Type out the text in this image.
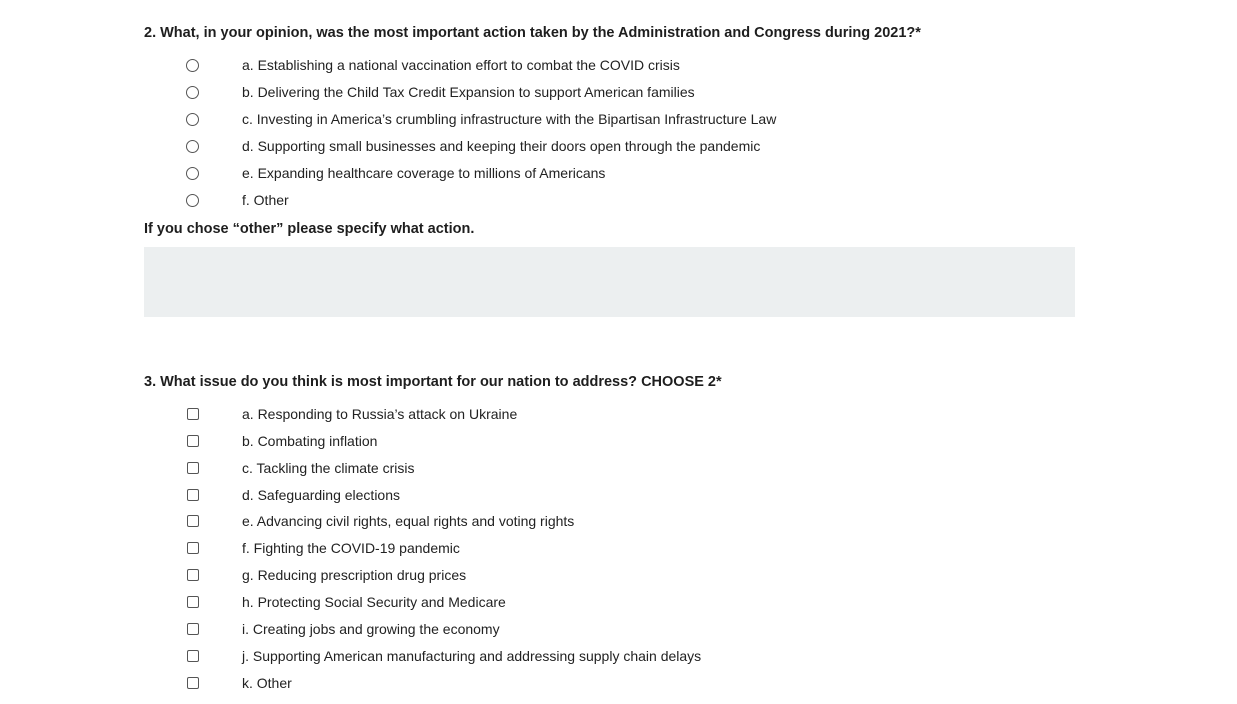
2. What, in your opinion, was the most important action taken by the Administration and Congress during 2021?*
a. Establishing a national vaccination effort to combat the COVID crisis
b. Delivering the Child Tax Credit Expansion to support American families
c. Investing in America’s crumbling infrastructure with the Bipartisan Infrastructure Law
d. Supporting small businesses and keeping their doors open through the pandemic
e. Expanding healthcare coverage to millions of Americans
f. Other

If you chose “other” please specify what action.

3. What issue do you think is most important for our nation to address? CHOOSE 2*
a. Responding to Russia’s attack on Ukraine
b. Combating inflation
c. Tackling the climate crisis
d. Safeguarding elections
e. Advancing civil rights, equal rights and voting rights
f. Fighting the COVID-19 pandemic
g. Reducing prescription drug prices
h. Protecting Social Security and Medicare
i. Creating jobs and growing the economy
j. Supporting American manufacturing and addressing supply chain delays
k. Other
